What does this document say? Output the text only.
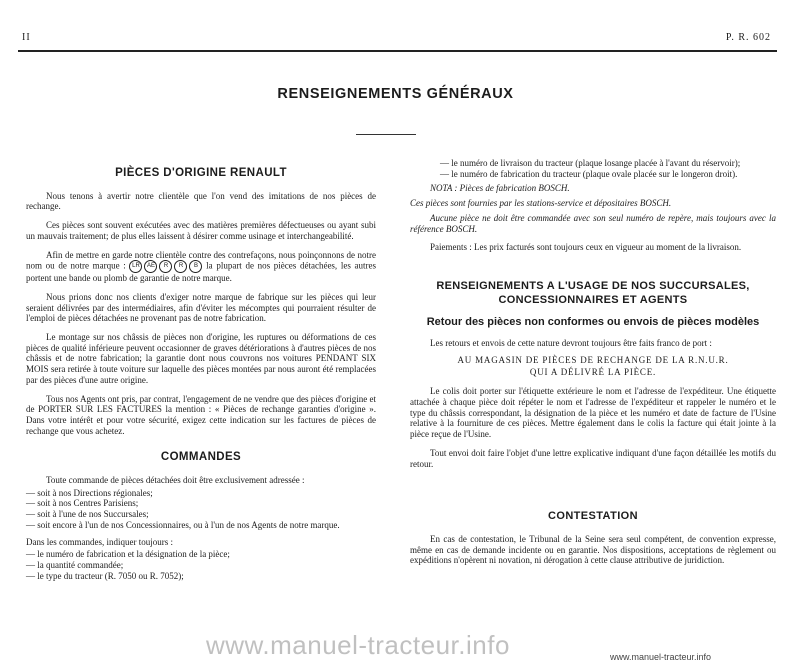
II	P. R. 602
RENSEIGNEMENTS GÉNÉRAUX
PIÈCES D'ORIGINE RENAULT

Nous tenons à avertir notre clientèle que l'on vend des imitations de nos pièces de rechange.

Ces pièces sont souvent exécutées avec des matières premières défectueuses ou ayant subi un mauvais traitement; de plus elles laissent à désirer comme usinage et interchangeabilité.

Afin de mettre en garde notre clientèle contre des contrefaçons, nous poinçonnons de notre nom ou de notre marque :	LR	AE	R	R	B la plupart de nos pièces détachées, les autres portent une bande ou plomb de garantie de notre marque.

Nous prions donc nos clients d'exiger notre marque de fabrique sur les pièces qui leur seraient délivrées par des intermédiaires, afin d'éviter les mécomptes qui pourraient résulter de l'emploi de pièces détachées ne provenant pas de notre fabrication.

Le montage sur nos châssis de pièces non d'origine, les ruptures ou déformations de ces pièces de qualité inférieure peuvent occasionner de graves détériorations à d'autres pièces de nos châssis et de notre fabrication; la garantie dont nous couvrons nos voitures PENDANT SIX MOIS sera retirée à toute voiture sur laquelle des pièces montées par nous auront été remplacées par des pièces d'une autre origine.

Tous nos Agents ont pris, par contrat, l'engagement de ne vendre que des pièces d'origine et de PORTER SUR LES FACTURES la mention : « Pièces de rechange garanties d'origine ». Dans votre intérêt et pour votre sécurité, exigez cette indication sur les factures de pièces de rechange que vous achetez.

COMMANDES

Toute commande de pièces détachées doit être exclusivement adressée :

— soit à nos Directions régionales;
— soit à nos Centres Parisiens;
— soit à l'une de nos Succursales;
— soit encore à l'un de nos Concessionnaires, ou à l'un de nos Agents de notre marque.

Dans les commandes, indiquer toujours :

— le numéro de fabrication et la désignation de la pièce;
— la quantité commandée;
— le type du tracteur (R. 7050 ou R. 7052);
— le numéro de livraison du tracteur (plaque losange placée à l'avant du réservoir);
— le numéro de fabrication du tracteur (plaque ovale placée sur le longeron droit).

NOTA : Pièces de fabrication BOSCH.

Ces pièces sont fournies par les stations-service et dépositaires BOSCH.

Aucune pièce ne doit être commandée avec son seul numéro de repère, mais toujours avec la référence BOSCH.

Paiements : Les prix facturés sont toujours ceux en vigueur au moment de la livraison.

RENSEIGNEMENTS A L'USAGE DE NOS SUCCURSALES,
CONCESSIONNAIRES ET AGENTS
Retour des pièces non conformes ou envois de pièces modèles

Les retours et envois de cette nature devront toujours être faits franco de port :

AU MAGASIN DE PIÈCES DE RECHANGE DE LA R.N.U.R.
QUI A DÉLIVRÉ LA PIÈCE.

Le colis doit porter sur l'étiquette extérieure le nom et l'adresse de l'expéditeur. Une étiquette attachée à chaque pièce doit répéter le nom et l'adresse de l'expéditeur et rappeler le numéro et le type du châssis correspondant, la désignation de la pièce et les numéro et date de facture de l'Usine relative à la fourniture de ces pièces. Mettre également dans le colis la facture qui était jointe à la pièce reçue de l'Usine.

Tout envoi doit faire l'objet d'une lettre explicative indiquant d'une façon détaillée les motifs du retour.

CONTESTATION

En cas de contestation, le Tribunal de la Seine sera seul compétent, de convention expresse, même en cas de demande incidente ou en garantie. Nos dispositions, acceptations de règlement ou expéditions n'opèrent ni novation, ni dérogation à cette clause attributive de juridiction.

www.manuel-tracteur.info	www.manuel-tracteur.info
